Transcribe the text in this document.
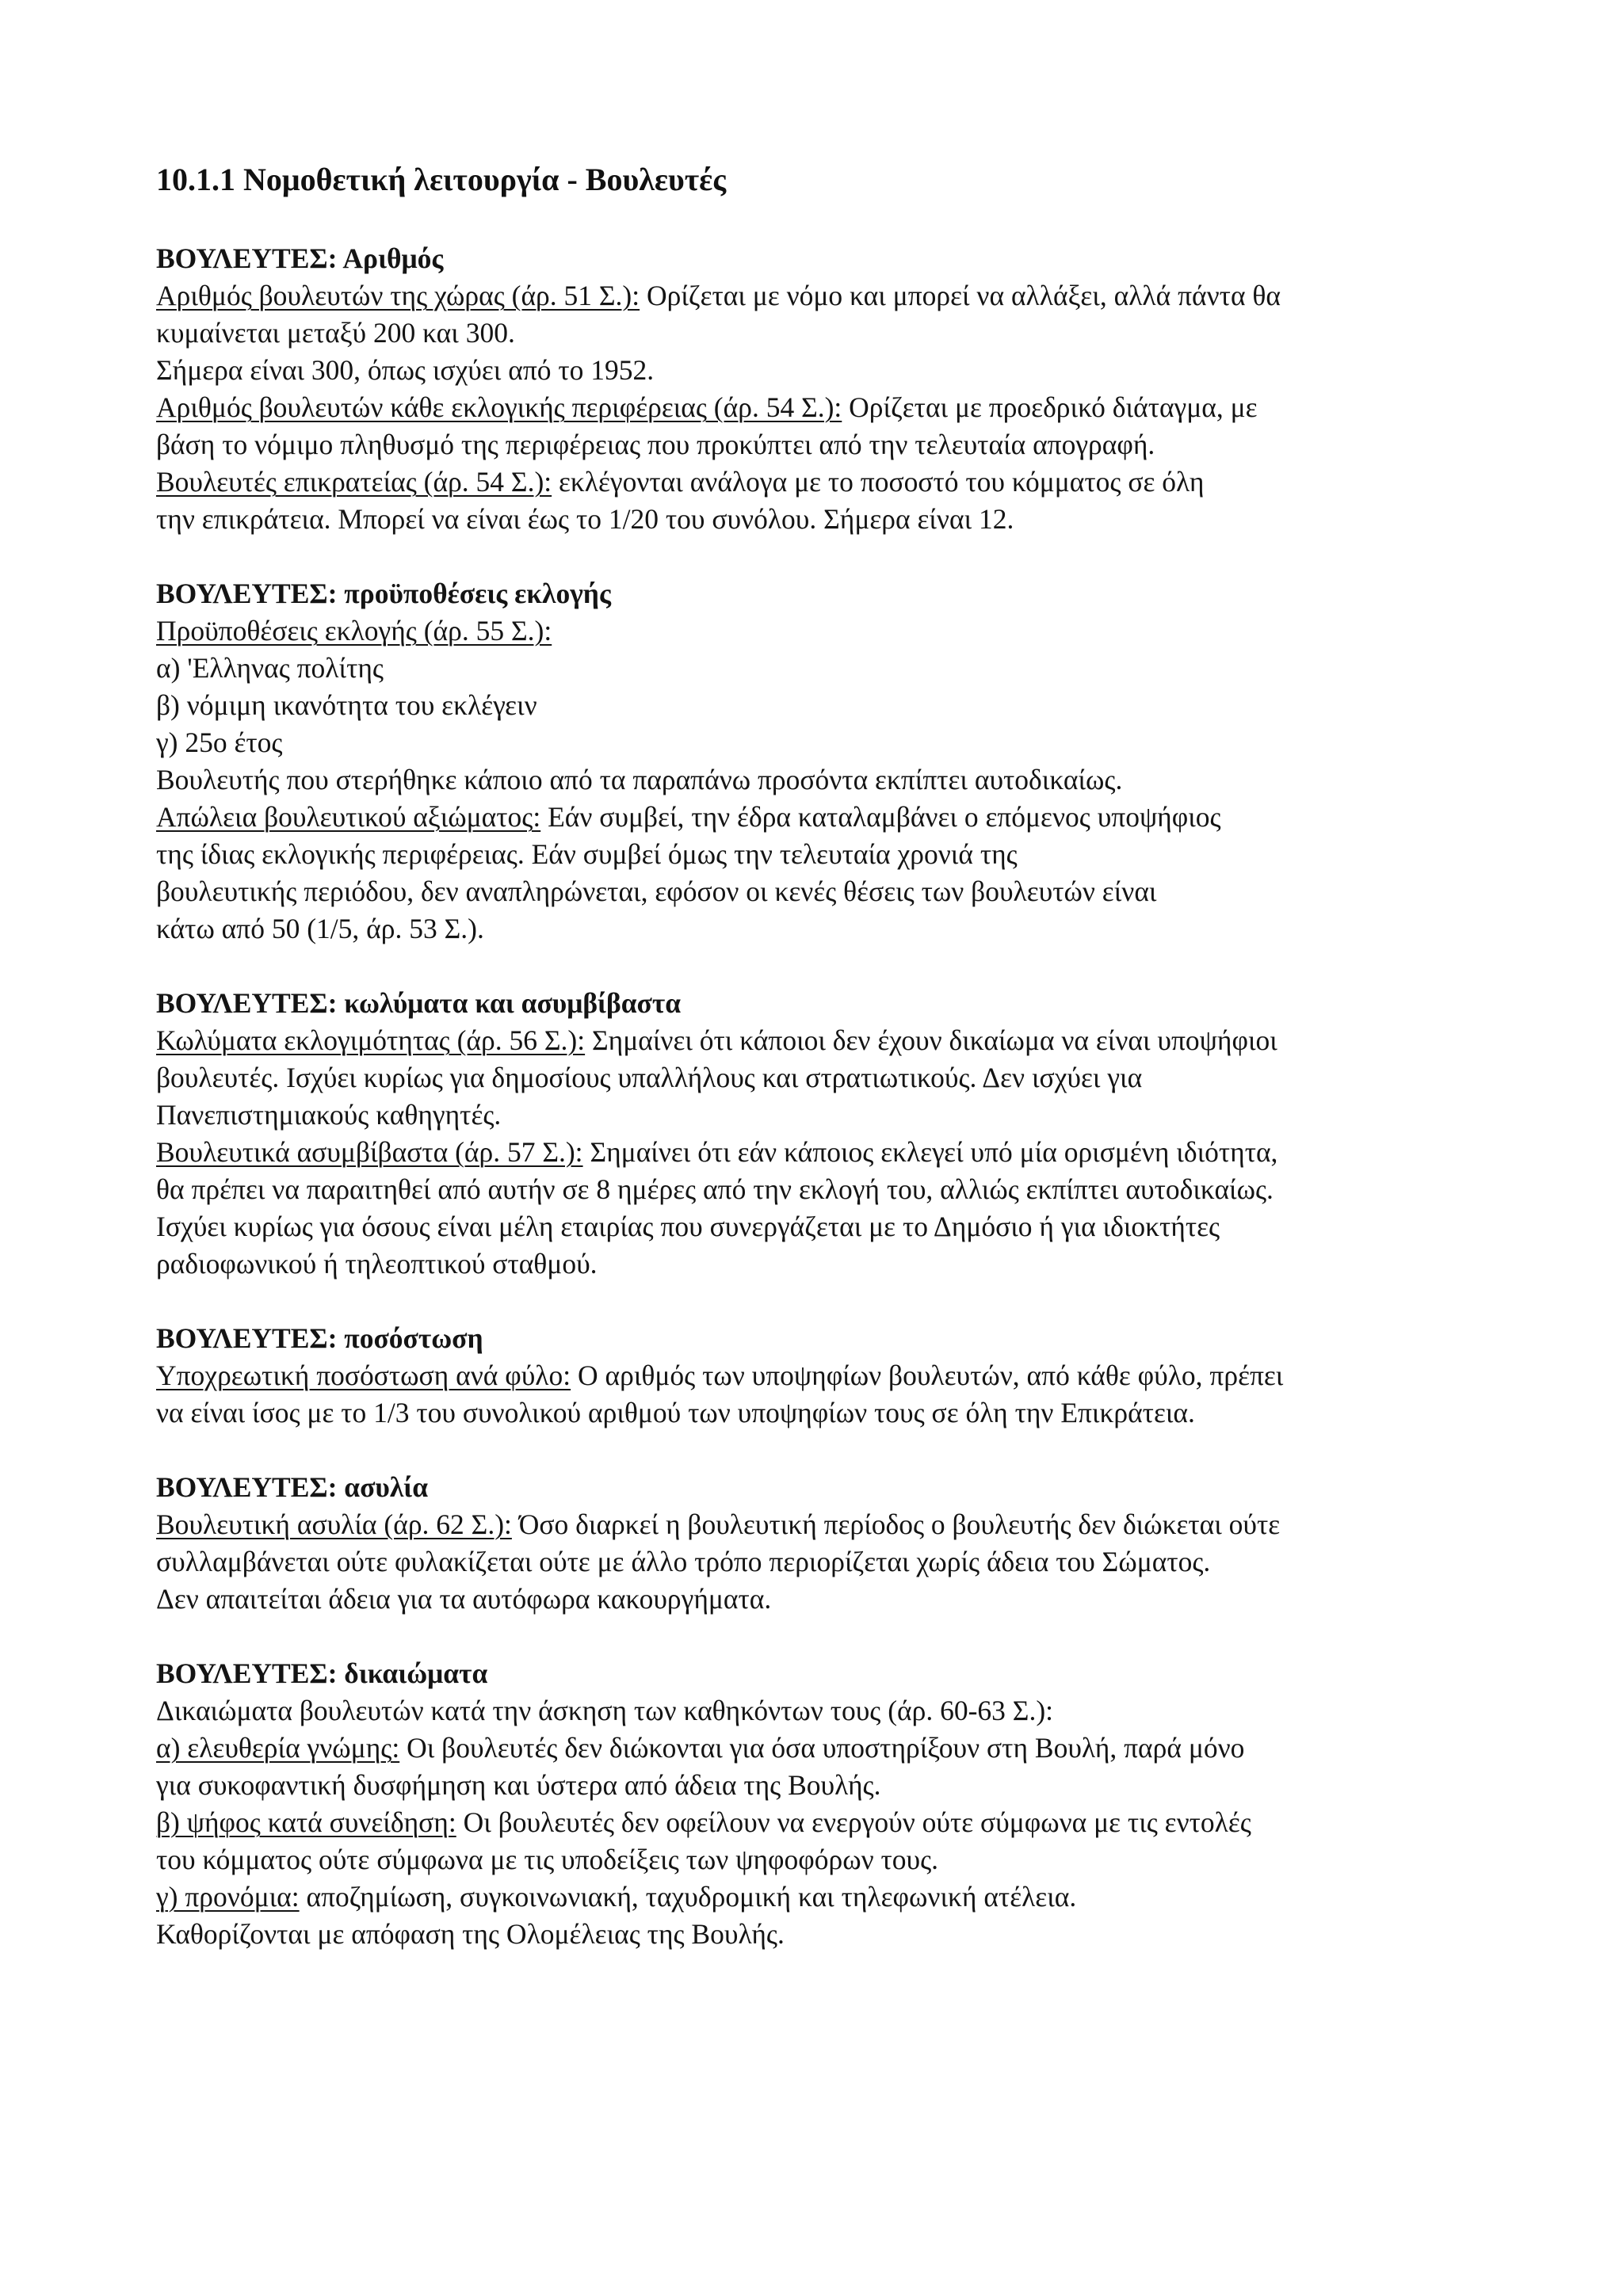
10.1.1 Νομοθετική λειτουργία - Βουλευτές
ΒΟΥΛΕΥΤΕΣ: Αριθμός
Αριθμός βουλευτών της χώρας (άρ. 51 Σ.): Ορίζεται με νόμο και μπορεί να αλλάξει, αλλά πάντα θα
κυμαίνεται μεταξύ 200 και 300.
Σήμερα είναι 300, όπως ισχύει από το 1952.
Αριθμός βουλευτών κάθε εκλογικής περιφέρειας (άρ. 54 Σ.): Ορίζεται με προεδρικό διάταγμα, με
βάση το νόμιμο πληθυσμό της περιφέρειας που προκύπτει από την τελευταία απογραφή.
Βουλευτές επικρατείας (άρ. 54 Σ.): εκλέγονται ανάλογα με το ποσοστό του κόμματος σε όλη
την επικράτεια. Μπορεί να είναι έως το 1/20 του συνόλου. Σήμερα είναι 12.
ΒΟΥΛΕΥΤΕΣ: προϋποθέσεις εκλογής
Προϋποθέσεις εκλογής (άρ. 55 Σ.):
α) 'Ελληνας πολίτης
β) νόμιμη ικανότητα του εκλέγειν
γ) 25ο έτος
Βουλευτής που στερήθηκε κάποιο από τα παραπάνω προσόντα εκπίπτει αυτοδικαίως.
Απώλεια βουλευτικού αξιώματος: Εάν συμβεί, την έδρα καταλαμβάνει ο επόμενος υποψήφιος
της ίδιας εκλογικής περιφέρειας. Εάν συμβεί όμως την τελευταία χρονιά της
βουλευτικής περιόδου, δεν αναπληρώνεται, εφόσον οι κενές θέσεις των βουλευτών είναι
κάτω από 50 (1/5, άρ. 53 Σ.).
ΒΟΥΛΕΥΤΕΣ: κωλύματα και ασυμβίβαστα
Κωλύματα εκλογιμότητας (άρ. 56 Σ.): Σημαίνει ότι κάποιοι δεν έχουν δικαίωμα να είναι υποψήφιοι
βουλευτές. Ισχύει κυρίως για δημοσίους υπαλλήλους και στρατιωτικούς. Δεν ισχύει για
Πανεπιστημιακούς καθηγητές.
Βουλευτικά ασυμβίβαστα (άρ. 57 Σ.): Σημαίνει ότι εάν κάποιος εκλεγεί υπό μία ορισμένη ιδιότητα,
θα πρέπει να παραιτηθεί από αυτήν σε 8 ημέρες από την εκλογή του, αλλιώς εκπίπτει αυτοδικαίως.
Ισχύει κυρίως για όσους είναι μέλη εταιρίας που συνεργάζεται με το Δημόσιο ή για ιδιοκτήτες
ραδιοφωνικού ή τηλεοπτικού σταθμού.
ΒΟΥΛΕΥΤΕΣ: ποσόστωση
Υποχρεωτική ποσόστωση ανά φύλο: Ο αριθμός των υποψηφίων βουλευτών, από κάθε φύλο, πρέπει
να είναι ίσος με το 1/3 του συνολικού αριθμού των υποψηφίων τους σε όλη την Επικράτεια.
ΒΟΥΛΕΥΤΕΣ: ασυλία
Βουλευτική ασυλία (άρ. 62 Σ.): Όσο διαρκεί η βουλευτική περίοδος ο βουλευτής δεν διώκεται ούτε
συλλαμβάνεται ούτε φυλακίζεται ούτε με άλλο τρόπο περιορίζεται χωρίς άδεια του Σώματος.
Δεν απαιτείται άδεια για τα αυτόφωρα κακουργήματα.
ΒΟΥΛΕΥΤΕΣ: δικαιώματα
Δικαιώματα βουλευτών κατά την άσκηση των καθηκόντων τους (άρ. 60-63 Σ.):
α) ελευθερία γνώμης: Οι βουλευτές δεν διώκονται για όσα υποστηρίξουν στη Βουλή, παρά μόνο
για συκοφαντική δυσφήμηση και ύστερα από άδεια της Βουλής.
β) ψήφος κατά συνείδηση: Οι βουλευτές δεν οφείλουν να ενεργούν ούτε σύμφωνα με τις εντολές
του κόμματος ούτε σύμφωνα με τις υποδείξεις των ψηφοφόρων τους.
γ) προνόμια: αποζημίωση, συγκοινωνιακή, ταχυδρομική και τηλεφωνική ατέλεια.
Καθορίζονται με απόφαση της Ολομέλειας της Βουλής.
